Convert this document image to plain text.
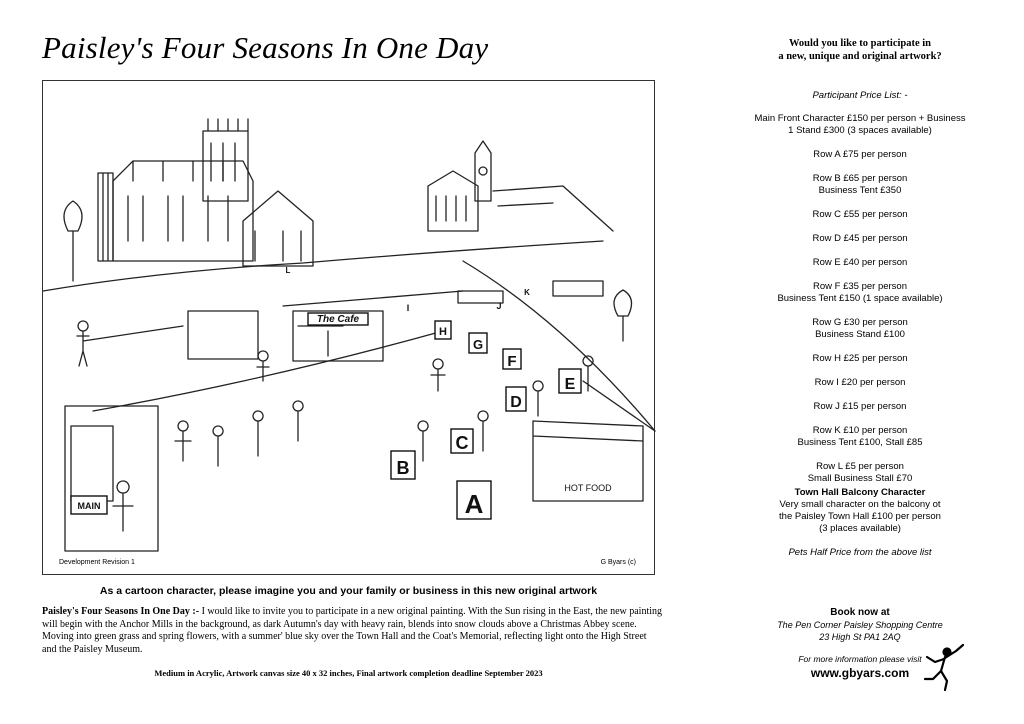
Paisley's Four Seasons In One Day
A
B
C
D
E
F
G
H
I	J
K
L
MAIN
The Cafe
HOT FOOD
Development Revision 1	G Byars (c)
As a cartoon character, please imagine you and your family or business in this new original artwork

Paisley's Four Seasons In One Day :- I would like to invite you to participate in a new original painting. With the Sun rising in the East, the new painting will begin with the Anchor Mills in the background, as dark Autumn's day with heavy rain, blends into snow clouds above a Christmas Abbey scene. Moving into green grass and spring flowers, with a summer' blue sky over the Town Hall and the Coat's Memorial, reflecting light onto the High Street and the Paisley Museum.

Medium in Acrylic, Artwork canvas size 40 x 32 inches, Final artwork completion deadline September 2023
Would you like to participate in
a new, unique and original artwork?
Participant Price List: -
Main Front Character £150 per person + Business
1 Stand £300 (3 spaces available)
Row A £75 per person
Row B £65 per person
Business Tent £350
Row C £55 per person
Row D £45 per person
Row E £40 per person
Row F £35 per person
Business Tent £150 (1 space available)
Row G £30 per person
Business Stand £100
Row H £25 per person
Row I £20 per person
Row J £15 per person
Row K £10 per person
Business Tent £100, Stall £85
Row L £5 per person
Small Business Stall £70
Town Hall Balcony Character
Very small character on the balcony ot
the Paisley Town Hall £100 per person
(3 places available)
Pets Half Price from the above list
Book now at
The Pen Corner Paisley Shopping Centre
23 High St PA1 2AQ
For more information please visit
www.gbyars.com
